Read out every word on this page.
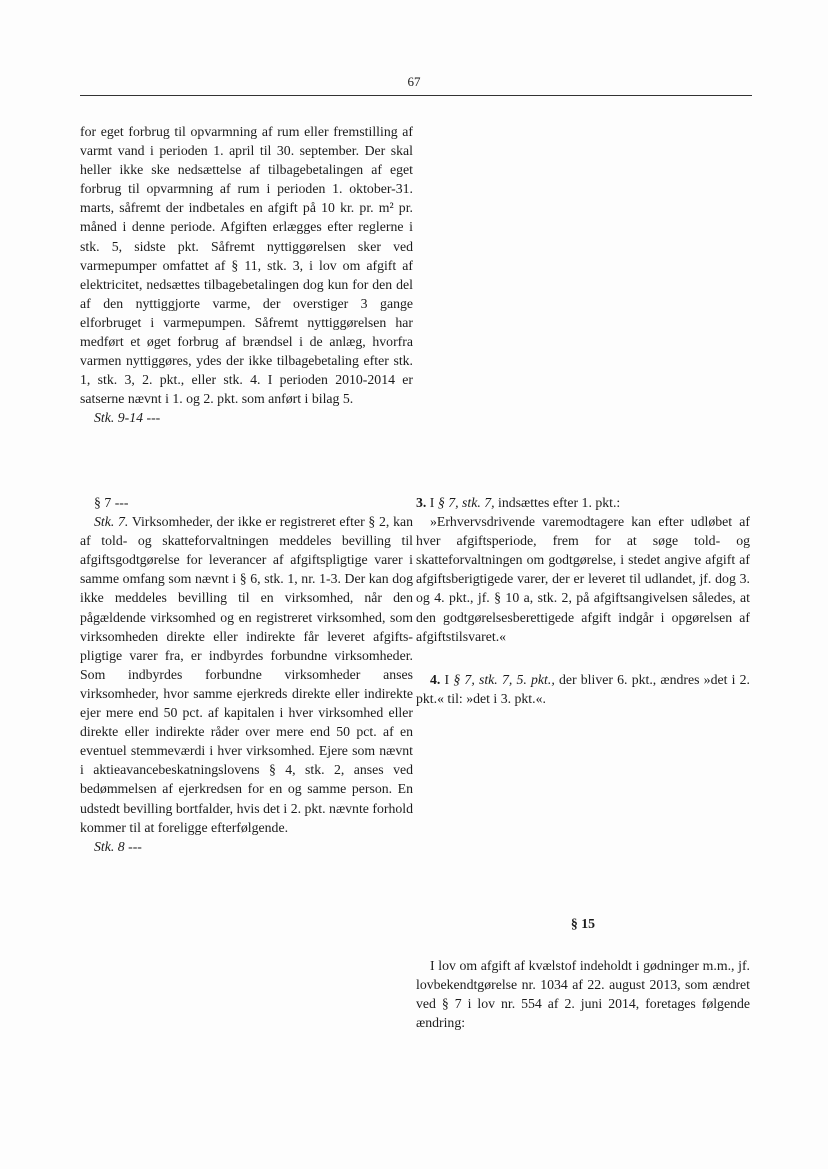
67

for eget forbrug til opvarmning af rum eller fremstilling af varmt vand i perioden 1. april til 30. september. Der skal heller ikke ske nedsættelse af tilbagebetalingen af eget forbrug til opvarmning af rum i perioden 1. oktober-31. marts, såfremt der indbetales en afgift på 10 kr. pr. m² pr. måned i denne periode. Afgiften erlægges efter reglerne i stk. 5, sidste pkt. Såfremt nyttiggørelsen sker ved varmepumper omfattet af § 11, stk. 3, i lov om afgift af elektricitet, nedsættes tilbagebetalingen dog kun for den del af den nyttiggjorte varme, der overstiger 3 gange elforbruget i varmepumpen. Såfremt nyttiggørelsen har medført et øget forbrug af brændsel i de anlæg, hvorfra varmen nyttiggøres, ydes der ikke tilbagebetaling efter stk. 1, stk. 3, 2. pkt., eller stk. 4. I perioden 2010-2014 er satserne nævnt i 1. og 2. pkt. som anført i bilag 5.

Stk. 9-14 ---

§ 7 ---

Stk. 7. Virksomheder, der ikke er registreret efter § 2, kan af told- og skatteforvaltningen meddeles bevilling til afgiftsgodtgørelse for leverancer af afgiftspligtige varer i samme omfang som nævnt i § 6, stk. 1, nr. 1-3. Der kan dog ikke meddeles bevilling til en virksomhed, når den pågældende virksomhed og en registreret virksomhed, som virksomheden direkte eller indirekte får leveret afgiftspligtige varer fra, er indbyrdes forbundne virksomheder. Som indbyrdes forbundne virksomheder anses virksomheder, hvor samme ejerkreds direkte eller indirekte ejer mere end 50 pct. af kapitalen i hver virksomhed eller direkte eller indirekte råder over mere end 50 pct. af en eventuel stemmeværdi i hver virksomhed. Ejere som nævnt i aktieavancebeskatningslovens § 4, stk. 2, anses ved bedømmelsen af ejerkredsen for en og samme person. En udstedt bevilling bortfalder, hvis det i 2. pkt. nævnte forhold kommer til at foreligge efterfølgende.

Stk. 8 ---

3. I § 7, stk. 7, indsættes efter 1. pkt.:

»Erhvervsdrivende varemodtagere kan efter udløbet af hver afgiftsperiode, frem for at søge told- og skatteforvaltningen om godtgørelse, i stedet angive afgift af afgiftsberigtigede varer, der er leveret til udlandet, jf. dog 3. og 4. pkt., jf. § 10 a, stk. 2, på afgiftsangivelsen således, at den godtgørelsesberettigede afgift indgår i opgørelsen af afgiftstilsvaret.«

4. I § 7, stk. 7, 5. pkt., der bliver 6. pkt., ændres »det i 2. pkt.« til: »det i 3. pkt.«.

§ 15

I lov om afgift af kvælstof indeholdt i gødninger m.m., jf. lovbekendtgørelse nr. 1034 af 22. august 2013, som ændret ved § 7 i lov nr. 554 af 2. juni 2014, foretages følgende ændring:
